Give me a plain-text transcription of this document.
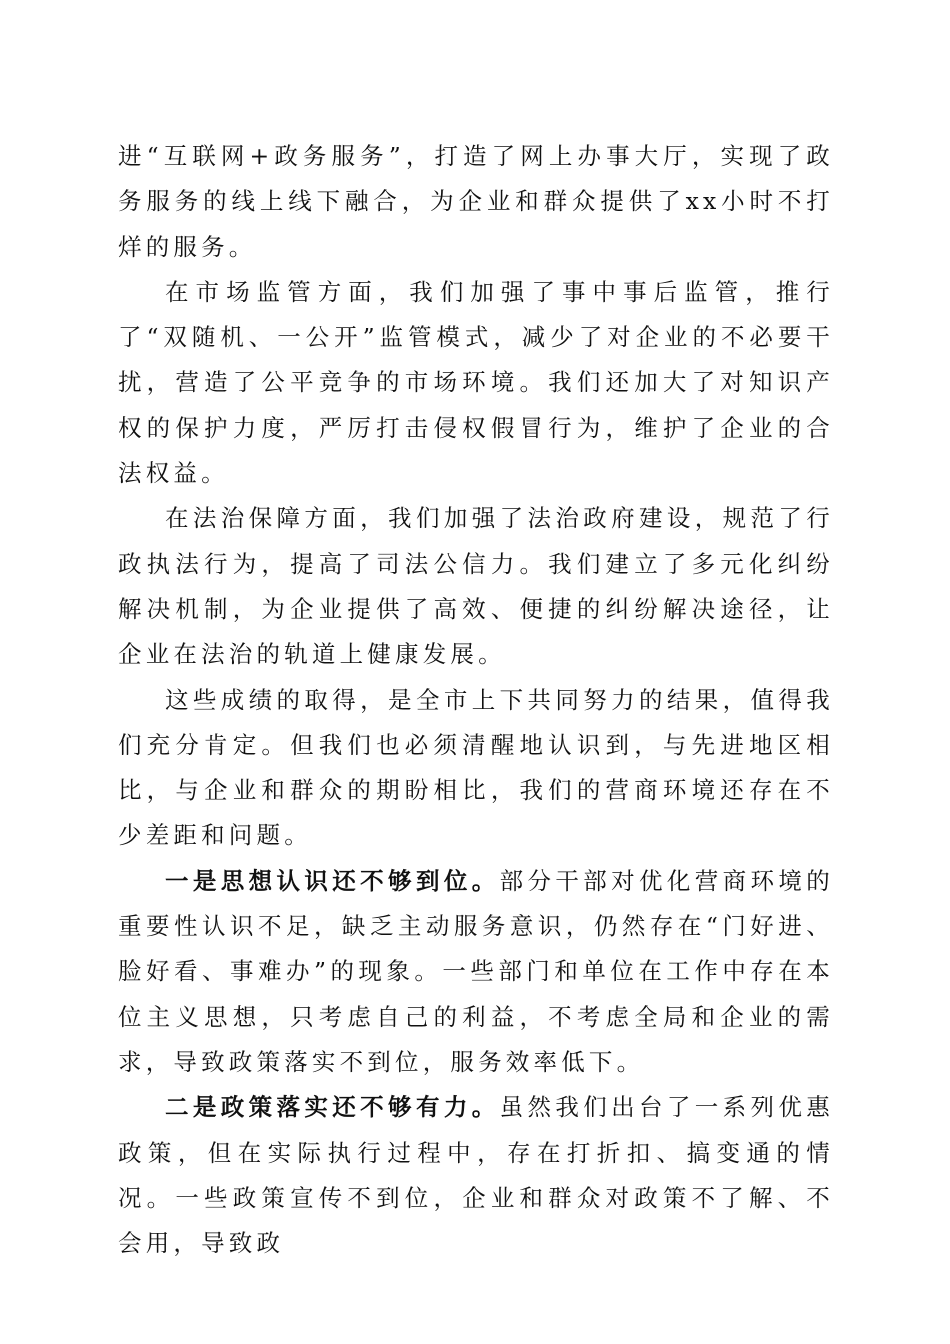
进“互联网+政务服务”，打造了网上办事大厅，实现了政务服务的线上线下融合，为企业和群众提供了xx小时不打烊的服务。

在市场监管方面，我们加强了事中事后监管，推行了“双随机、一公开”监管模式，减少了对企业的不必要干扰，营造了公平竞争的市场环境。我们还加大了对知识产权的保护力度，严厉打击侵权假冒行为，维护了企业的合法权益。

在法治保障方面，我们加强了法治政府建设，规范了行政执法行为，提高了司法公信力。我们建立了多元化纠纷解决机制，为企业提供了高效、便捷的纠纷解决途径，让企业在法治的轨道上健康发展。

这些成绩的取得，是全市上下共同努力的结果，值得我们充分肯定。但我们也必须清醒地认识到，与先进地区相比，与企业和群众的期盼相比，我们的营商环境还存在不少差距和问题。

一是思想认识还不够到位。部分干部对优化营商环境的重要性认识不足，缺乏主动服务意识，仍然存在“门好进、脸好看、事难办”的现象。一些部门和单位在工作中存在本位主义思想，只考虑自己的利益，不考虑全局和企业的需求，导致政策落实不到位，服务效率低下。

二是政策落实还不够有力。虽然我们出台了一系列优惠政策，但在实际执行过程中，存在打折扣、搞变通的情况。一些政策宣传不到位，企业和群众对政策不了解、不会用，导致政
